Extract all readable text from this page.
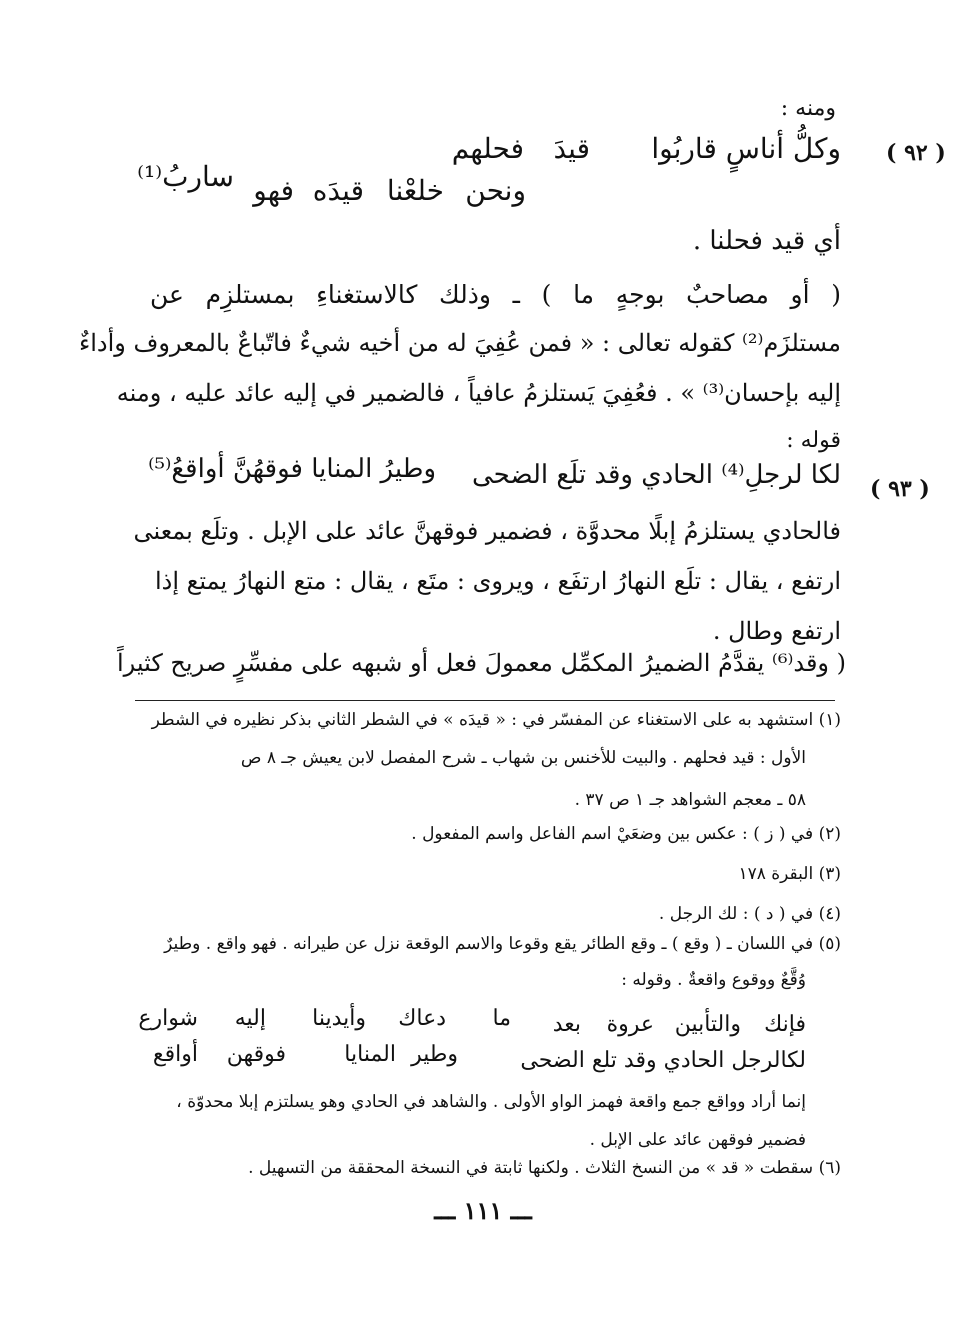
ومنه :
( ٩٢ )
وكلُّ أناسٍ قاربُوا
قيدَ
فحلهم
ونحن
خلعْنا
قيدَه
فهو
ساربُ⁽¹⁾
أي قيد فحلنا .
( أو مصاحبٌ بوجهٍ ما ) ـ وذلك كالاستغناءِ بمستلزِم عن
مستلزَم⁽²⁾ كقوله تعالى : « فمن عُفِيَ له من أخيه شيءٌ فاتّباعٌ بالمعروف وأداءٌ
إليه بإحسان⁽³⁾ » . فعُفِيَ يَستلزمُ عافياً ، فالضمير في إليه عائد عليه ، ومنه
قوله :
( ٩٣ )
لكا لرجلِ⁽⁴⁾ الحادي وقد تلَع الضحى
وطيرُ المنايا فوقهُنَّ أواقعُ⁽⁵⁾
فالحادي يستلزمُ إبلًا محدوَّة ، فضمير فوقهنَّ عائد على الإبل . وتلَع بمعنى
ارتفع ، يقال : تلَع النهارُ ارتفَع ، ويروى : متَع ، يقال : متع النهارُ يمتع إذا
ارتفع وطال .
( وقد⁽⁶⁾ يقدَّمُ الضميرُ المكمِّل معمولَ فعل أو شبهه على مفسِّرٍ صريح كثيراً
(١) استشهد به على الاستغناء عن المفسّر في : « قيدَه » في الشطر الثاني بذكر نظيره في الشطر
الأول : قيد فحلهم . والبيت للأخنس بن شهاب ـ شرح المفصل لابن يعيش جـ ٨ ص
٥٨ ـ معجم الشواهد جـ ١ ص ٣٧ .
(٢) في ( ز ) : عكس بين وضعَيْ اسم الفاعل واسم المفعول .
(٣) البقرة ١٧٨
(٤) في ( د ) : لك الرجل .
(٥) في اللسان ـ ( وقع ) ـ وقع الطائر يقع وقوعا والاسم الوقعة نزل عن طيرانه . فهو واقع . وطيرٌ
وُقَّعٌ ووقوع واقعةٌ . وقوله :
فإنك
والتأبين
عروة
بعد
ما
دعاك
وأيدينا
إليه
شوارع
لكالرجل الحادي وقد تلع الضحى
وطير
المنايا
فوقهن
أواقع
إنما أراد وواقع جمع واقعة فهمز الواو الأولى . والشاهد في الحادي وهو يسلتزم إبلا محدوّة ،
فضمير فوقهن عائد على الإبل .
(٦) سقطت « قد » من النسخ الثلاث . ولكنها ثابتة في النسخة المحققة من التسهيل .
ـــ ١١١ ـــ
